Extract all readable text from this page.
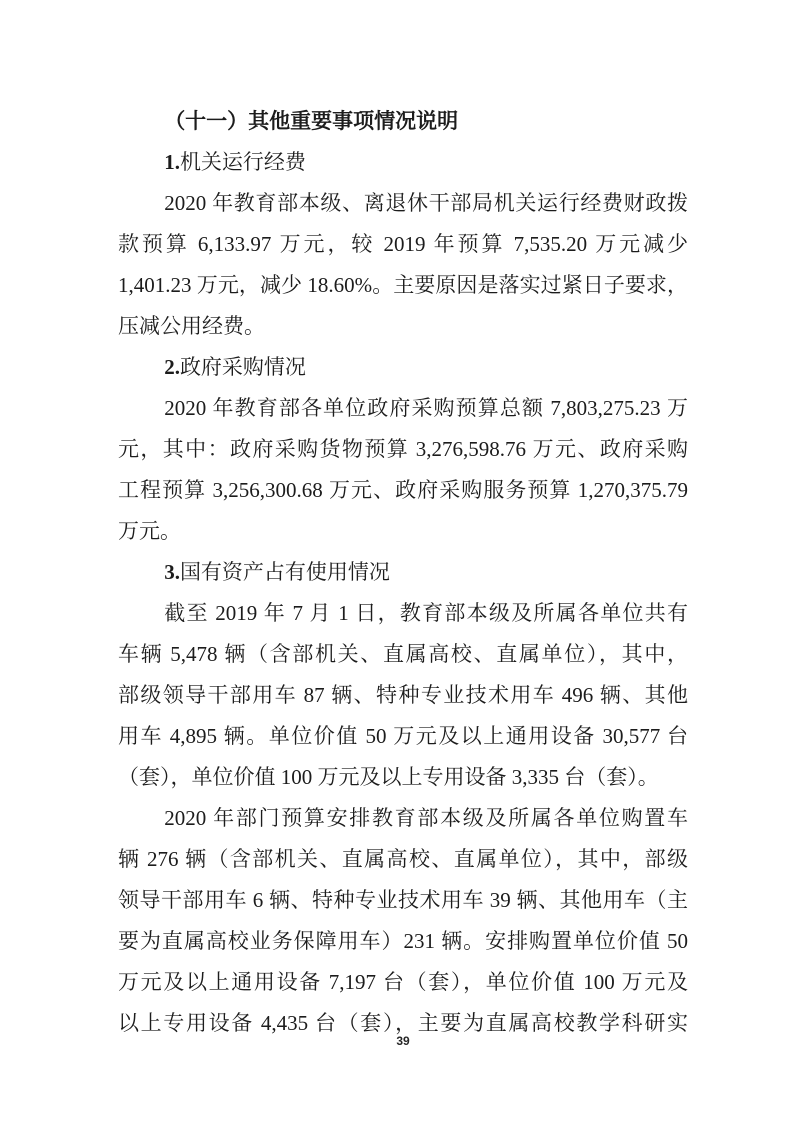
（十一）其他重要事项情况说明
1.机关运行经费

2020 年教育部本级、离退休干部局机关运行经费财政拨

款预算 6,133.97 万元，较 2019 年预算 7,535.20 万元减少

1,401.23 万元，减少 18.60%。主要原因是落实过紧日子要求，

压减公用经费。

2.政府采购情况

2020 年教育部各单位政府采购预算总额 7,803,275.23 万

元，其中：政府采购货物预算 3,276,598.76 万元、政府采购

工程预算 3,256,300.68 万元、政府采购服务预算 1,270,375.79

万元。

3.国有资产占有使用情况

截至 2019 年 7 月 1 日，教育部本级及所属各单位共有

车辆 5,478 辆（含部机关、直属高校、直属单位），其中，

部级领导干部用车 87 辆、特种专业技术用车 496 辆、其他

用车 4,895 辆。单位价值 50 万元及以上通用设备 30,577 台

（套），单位价值 100 万元及以上专用设备 3,335 台（套）。

2020 年部门预算安排教育部本级及所属各单位购置车

辆 276 辆（含部机关、直属高校、直属单位），其中，部级

领导干部用车 6 辆、特种专业技术用车 39 辆、其他用车（主

要为直属高校业务保障用车）231 辆。安排购置单位价值 50

万元及以上通用设备 7,197 台（套），单位价值 100 万元及

以上专用设备 4,435 台（套），主要为直属高校教学科研实

39
